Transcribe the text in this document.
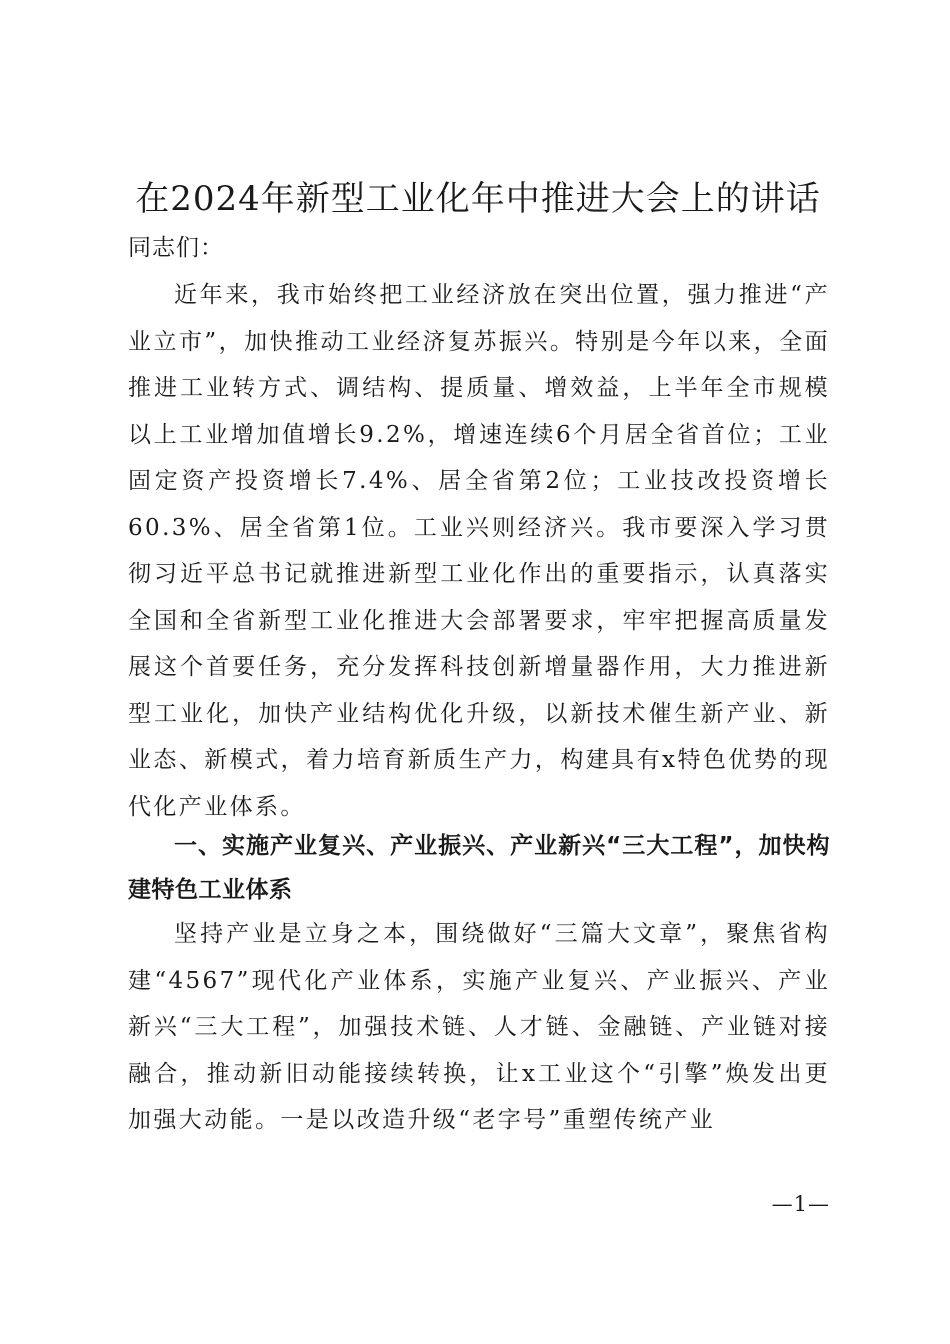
在2024年新型工业化年中推进大会上的讲话

同志们：

近年来，我市始终把工业经济放在突出位置，强力推进“产业立市”，加快推动工业经济复苏振兴。特别是今年以来，全面推进工业转方式、调结构、提质量、增效益，上半年全市规模以上工业增加值增长9.2%，增速连续6个月居全省首位；工业固定资产投资增长7.4%、居全省第2位；工业技改投资增长60.3%、居全省第1位。工业兴则经济兴。我市要深入学习贯彻习近平总书记就推进新型工业化作出的重要指示，认真落实全国和全省新型工业化推进大会部署要求，牢牢把握高质量发展这个首要任务，充分发挥科技创新增量器作用，大力推进新型工业化，加快产业结构优化升级，以新技术催生新产业、新业态、新模式，着力培育新质生产力，构建具有x特色优势的现代化产业体系。

一、实施产业复兴、产业振兴、产业新兴“三大工程”，加快构建特色工业体系

坚持产业是立身之本，围绕做好“三篇大文章”，聚焦省构建“4567”现代化产业体系，实施产业复兴、产业振兴、产业新兴“三大工程”，加强技术链、人才链、金融链、产业链对接融合，推动新旧动能接续转换，让x工业这个“引擎”焕发出更加强大动能。一是以改造升级“老字号”重塑传统产业

—1—
